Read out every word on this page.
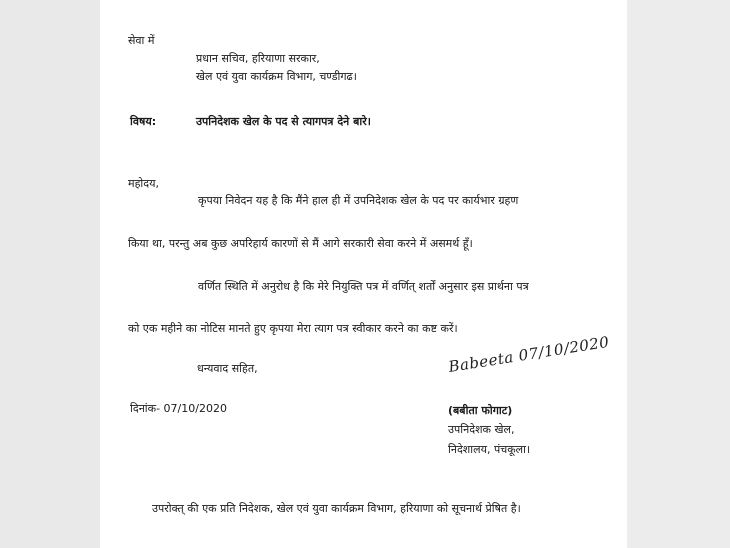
सेवा में
प्रधान सचिव, हरियाणा सरकार,
खेल एवं युवा कार्यक्रम विभाग, चण्डीगढ।
विषय:	उपनिदेशक खेल के पद से त्यागपत्र देने बारे।
महोदय,
कृपया निवेदन यह है कि मैंने हाल ही में उपनिदेशक खेल के पद पर कार्यभार ग्रहण
किया था, परन्तु अब कुछ अपरिहार्य कारणों से मैं आगे सरकारी सेवा करने में असमर्थ हूँ।
वर्णित स्थिति में अनुरोध है कि मेरे नियुक्ति पत्र में वर्णित् शर्तों अनुसार इस प्रार्थना पत्र
को एक महीने का नोटिस मानते हुए कृपया मेरा त्याग पत्र स्वीकार करने का कष्ट करें।
धन्यवाद सहित,	Babeeta 07/10/2020
दिनांक- 07/10/2020	(बबीता फोगाट)
उपनिदेशक खेल,
निदेशालय, पंचकूला।
उपरोक्त् की एक प्रति निदेशक, खेल एवं युवा कार्यक्रम विभाग, हरियाणा को सूचनार्थ प्रेषित है।
